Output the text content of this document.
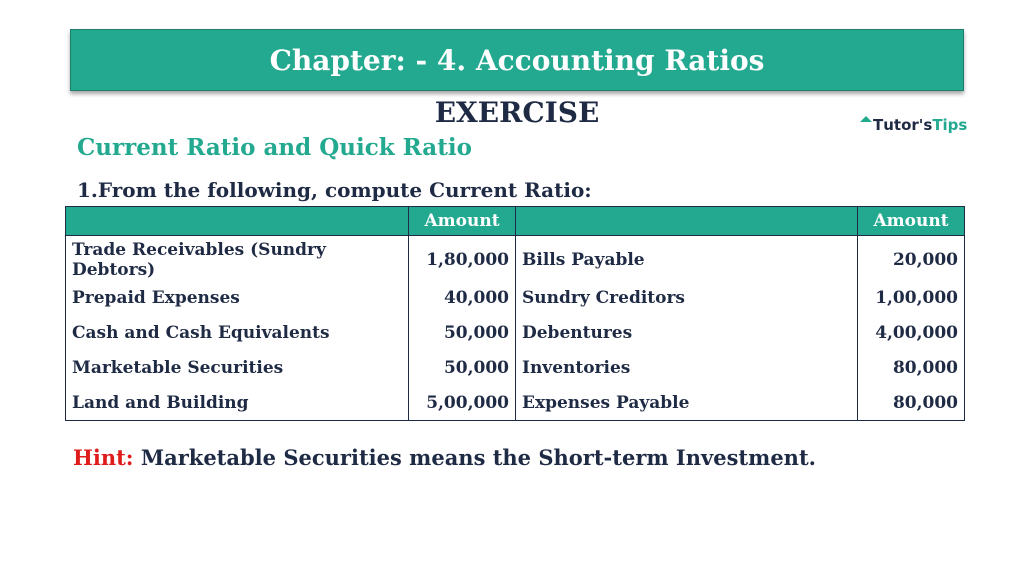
Chapter: - 4. Accounting Ratios
EXERCISE
Current Ratio and Quick Ratio
T utor's Tips
1.From the following, compute Current Ratio:
	Amount		Amount
Trade Receivables (Sundry Debtors)	1,80,000	Bills Payable	20,000
Prepaid Expenses	40,000	Sundry Creditors	1,00,000
Cash and Cash Equivalents	50,000	Debentures	4,00,000
Marketable Securities	50,000	Inventories	80,000
Land and Building	5,00,000	Expenses Payable	80,000
Hint: Marketable Securities means the Short-term Investment.
